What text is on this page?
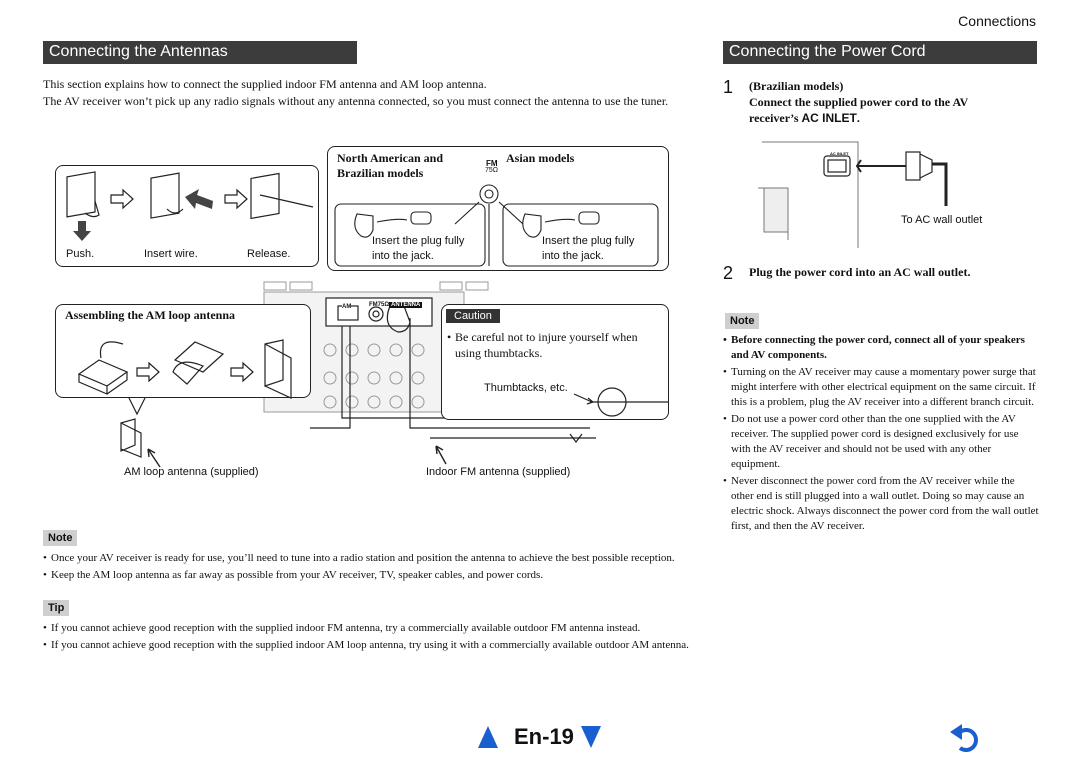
Connections
Connecting the Antennas
This section explains how to connect the supplied indoor FM antenna and AM loop antenna.
The AV receiver won’t pick up any radio signals without any antenna connected, so you must connect the antenna to use the tuner.
Push.	Insert wire.	Release.
North American and
Brazilian models
Asian models
FM
75Ω
Insert the plug fully
into the jack.
Insert the plug fully
into the jack.
AM	FM75Ω ANTENNA
Assembling the AM loop antenna	Caution
• Be careful not to injure yourself when
using thumbtacks.
Thumbtacks, etc.
AM loop antenna (supplied)	Indoor FM antenna (supplied)
Note
• Once your AV receiver is ready for use, you’ll need to tune into a radio station and position the antenna to achieve the best possible reception.
• Keep the AM loop antenna as far away as possible from your AV receiver, TV, speaker cables, and power cords.
Tip
• If you cannot achieve good reception with the supplied indoor FM antenna, try a commercially available outdoor FM antenna instead.
• If you cannot achieve good reception with the supplied indoor AM loop antenna, try using it with a commercially available outdoor AM antenna.
Connecting the Power Cord
1 (Brazilian models)
Connect the supplied power cord to the AV
receiver’s AC INLET.
AC INLET
To AC wall outlet
2 Plug the power cord into an AC wall outlet.
Note
• Before connecting the power cord, connect all of your speakers and AV components.
• Turning on the AV receiver may cause a momentary power surge that might interfere with other electrical equipment on the same circuit. If this is a problem, plug the AV receiver into a different branch circuit.
• Do not use a power cord other than the one supplied with the AV receiver. The supplied power cord is designed exclusively for use with the AV receiver and should not be used with any other equipment.
• Never disconnect the power cord from the AV receiver while the other end is still plugged into a wall outlet. Doing so may cause an electric shock. Always disconnect the power cord from the wall outlet first, and then the AV receiver.
En-19
